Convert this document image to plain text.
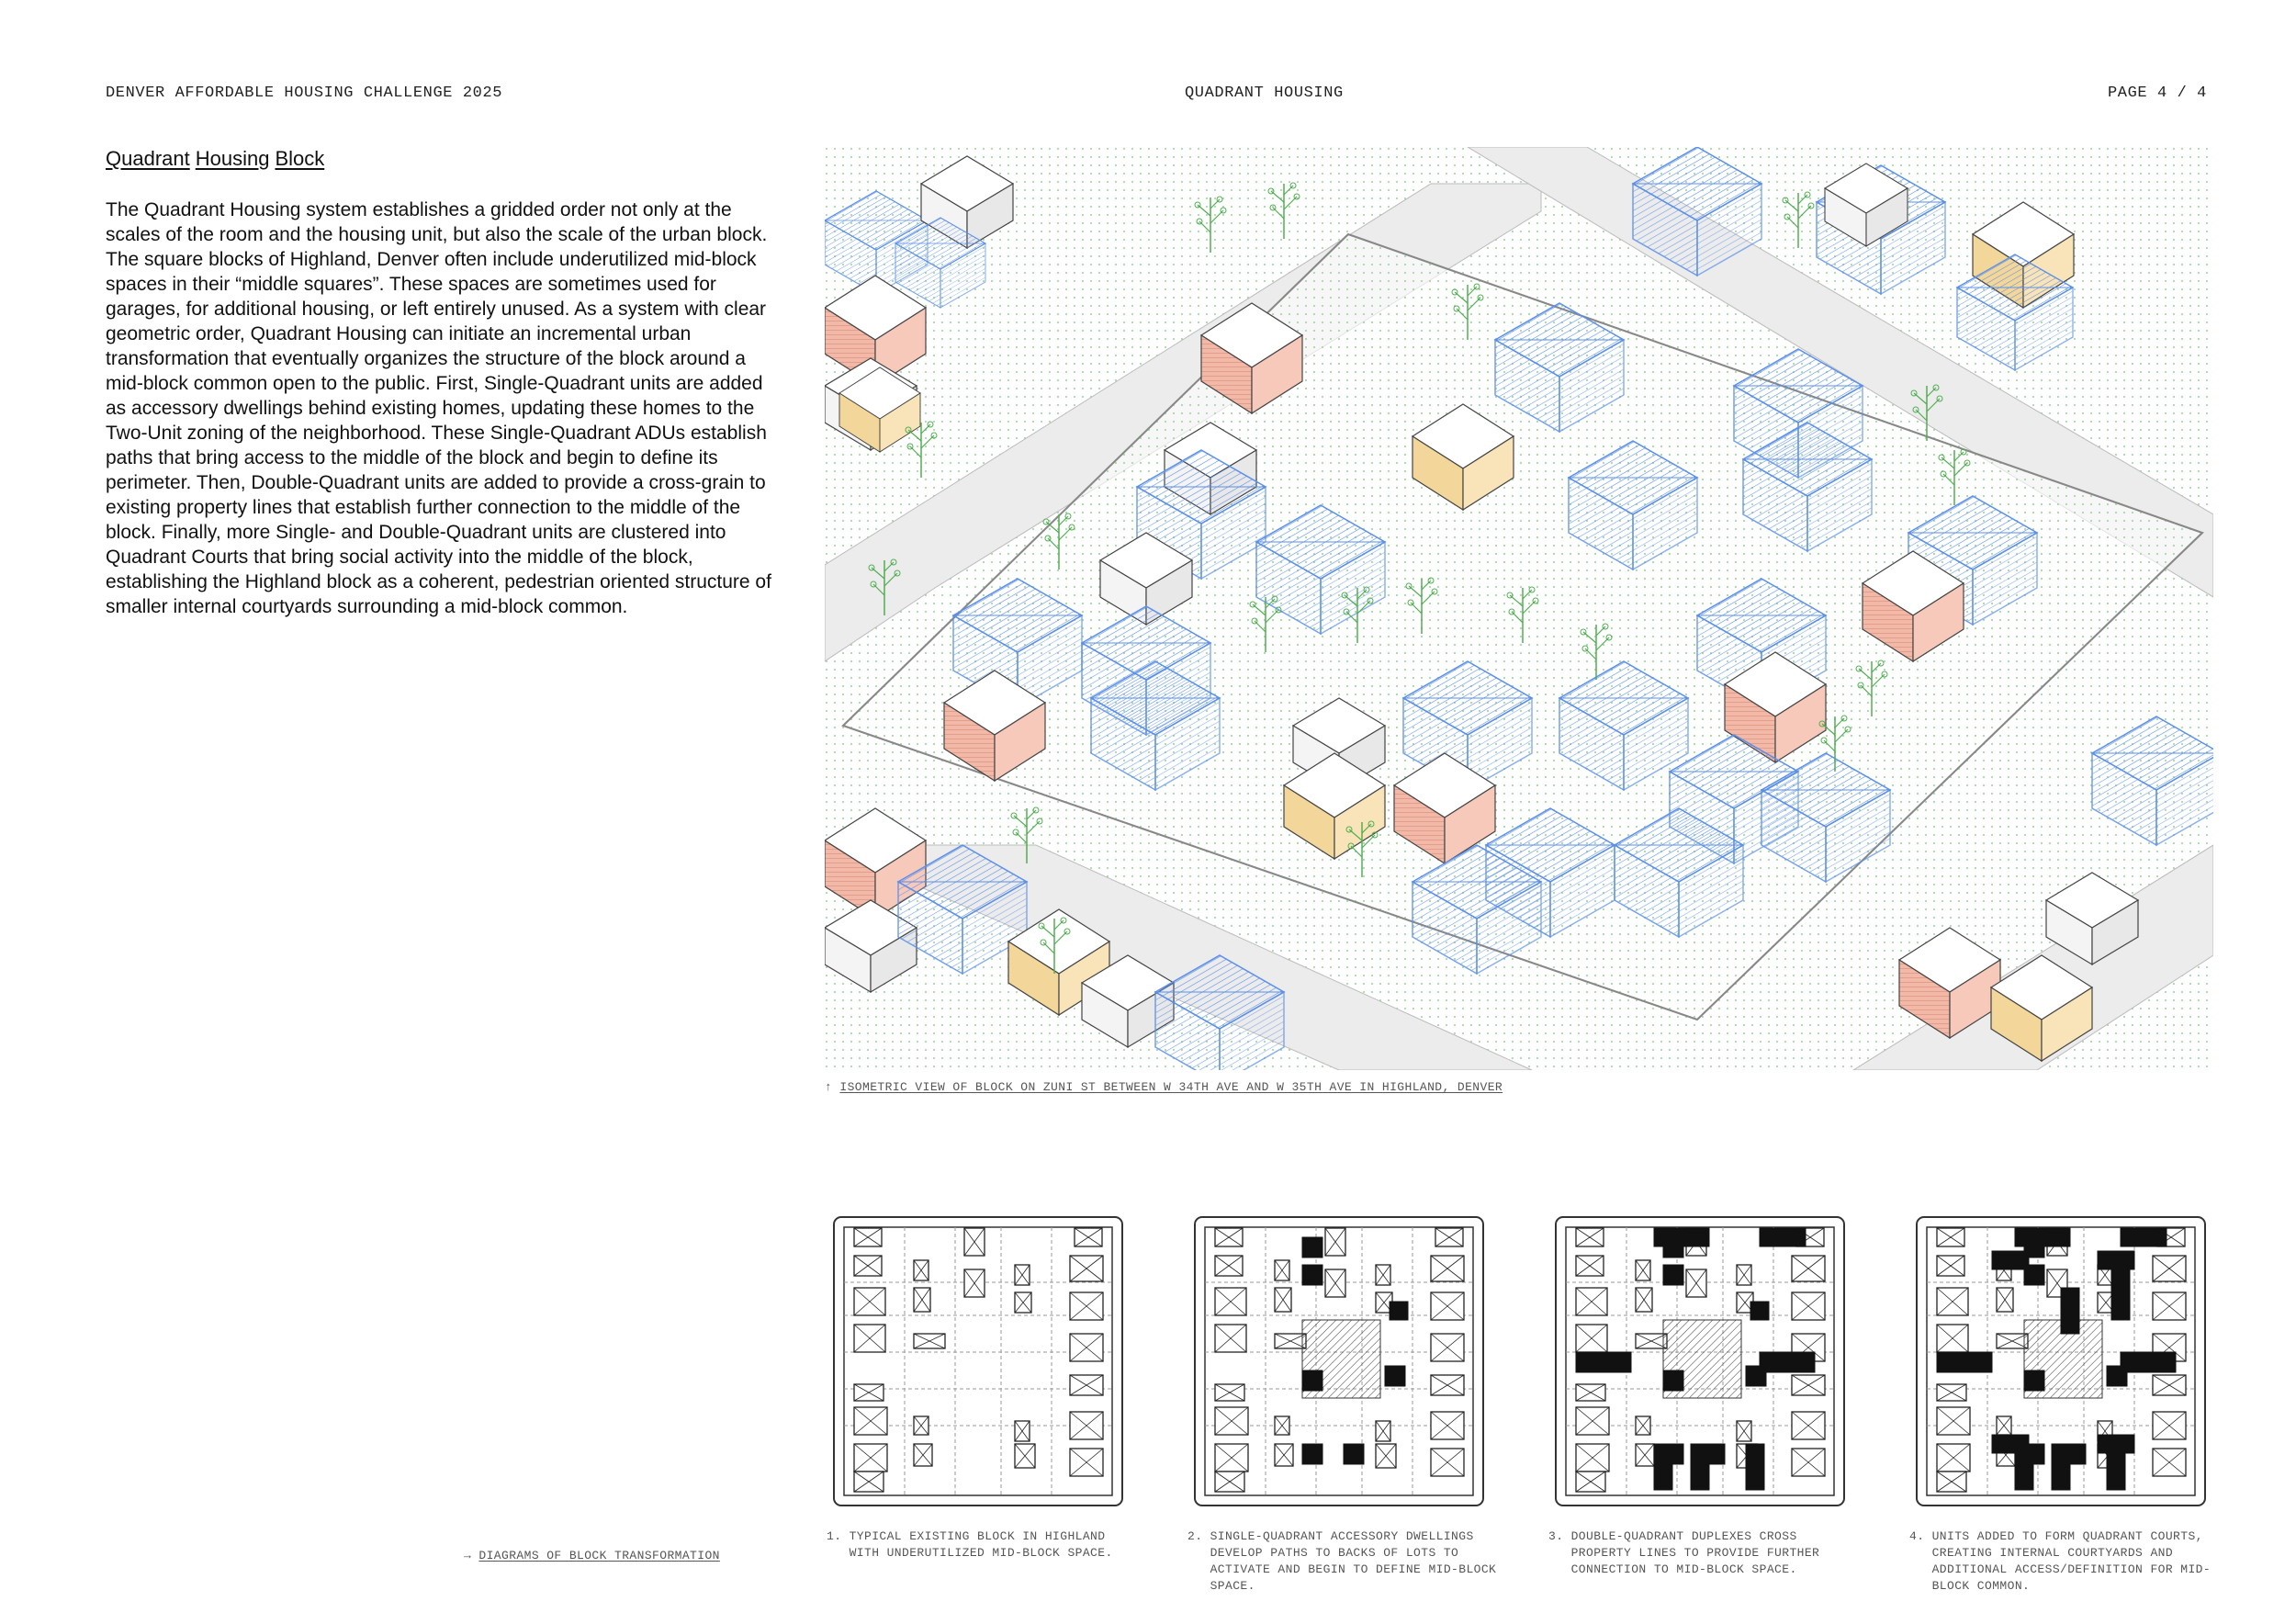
DENVER AFFORDABLE HOUSING CHALLENGE 2025	QUADRANT HOUSING	PAGE 4 / 4
Quadrant Housing Block
The Quadrant Housing system establishes a gridded order not only at the scales of the room and the housing unit, but also the scale of the urban block. The square blocks of Highland, Denver often include underutilized mid-block spaces in their “middle squares”. These spaces are sometimes used for garages, for additional housing, or left entirely unused. As a system with clear geometric order, Quadrant Housing can initiate an incremental urban transformation that eventually organizes the structure of the block around a mid-block common open to the public. First, Single-Quadrant units are added as accessory dwellings behind existing homes, updating these homes to the Two-Unit zoning of the neighborhood. These Single-Quadrant ADUs establish paths that bring access to the middle of the block and begin to define its perimeter. Then, Double-Quadrant units are added to provide a cross-grain to existing property lines that establish further connection to the middle of the block. Finally, more Single- and Double-Quadrant units are clustered into Quadrant Courts that bring social activity into the middle of the block, establishing the Highland block as a coherent, pedestrian oriented structure of smaller internal courtyards surrounding a mid-block common.
↑ ISOMETRIC VIEW OF BLOCK ON ZUNI ST BETWEEN W 34TH AVE AND W 35TH AVE IN HIGHLAND, DENVER
→ DIAGRAMS OF BLOCK TRANSFORMATION
1. TYPICAL EXISTING BLOCK IN HIGHLAND
WITH UNDERUTILIZED MID-BLOCK SPACE.
2. SINGLE-QUADRANT ACCESSORY DWELLINGS
DEVELOP PATHS TO BACKS OF LOTS TO
ACTIVATE AND BEGIN TO DEFINE MID-BLOCK
SPACE.
3. DOUBLE-QUADRANT DUPLEXES CROSS
PROPERTY LINES TO PROVIDE FURTHER
CONNECTION TO MID-BLOCK SPACE.
4. UNITS ADDED TO FORM QUADRANT COURTS,
CREATING INTERNAL COURTYARDS AND
ADDITIONAL ACCESS/DEFINITION FOR MID-
BLOCK COMMON.
